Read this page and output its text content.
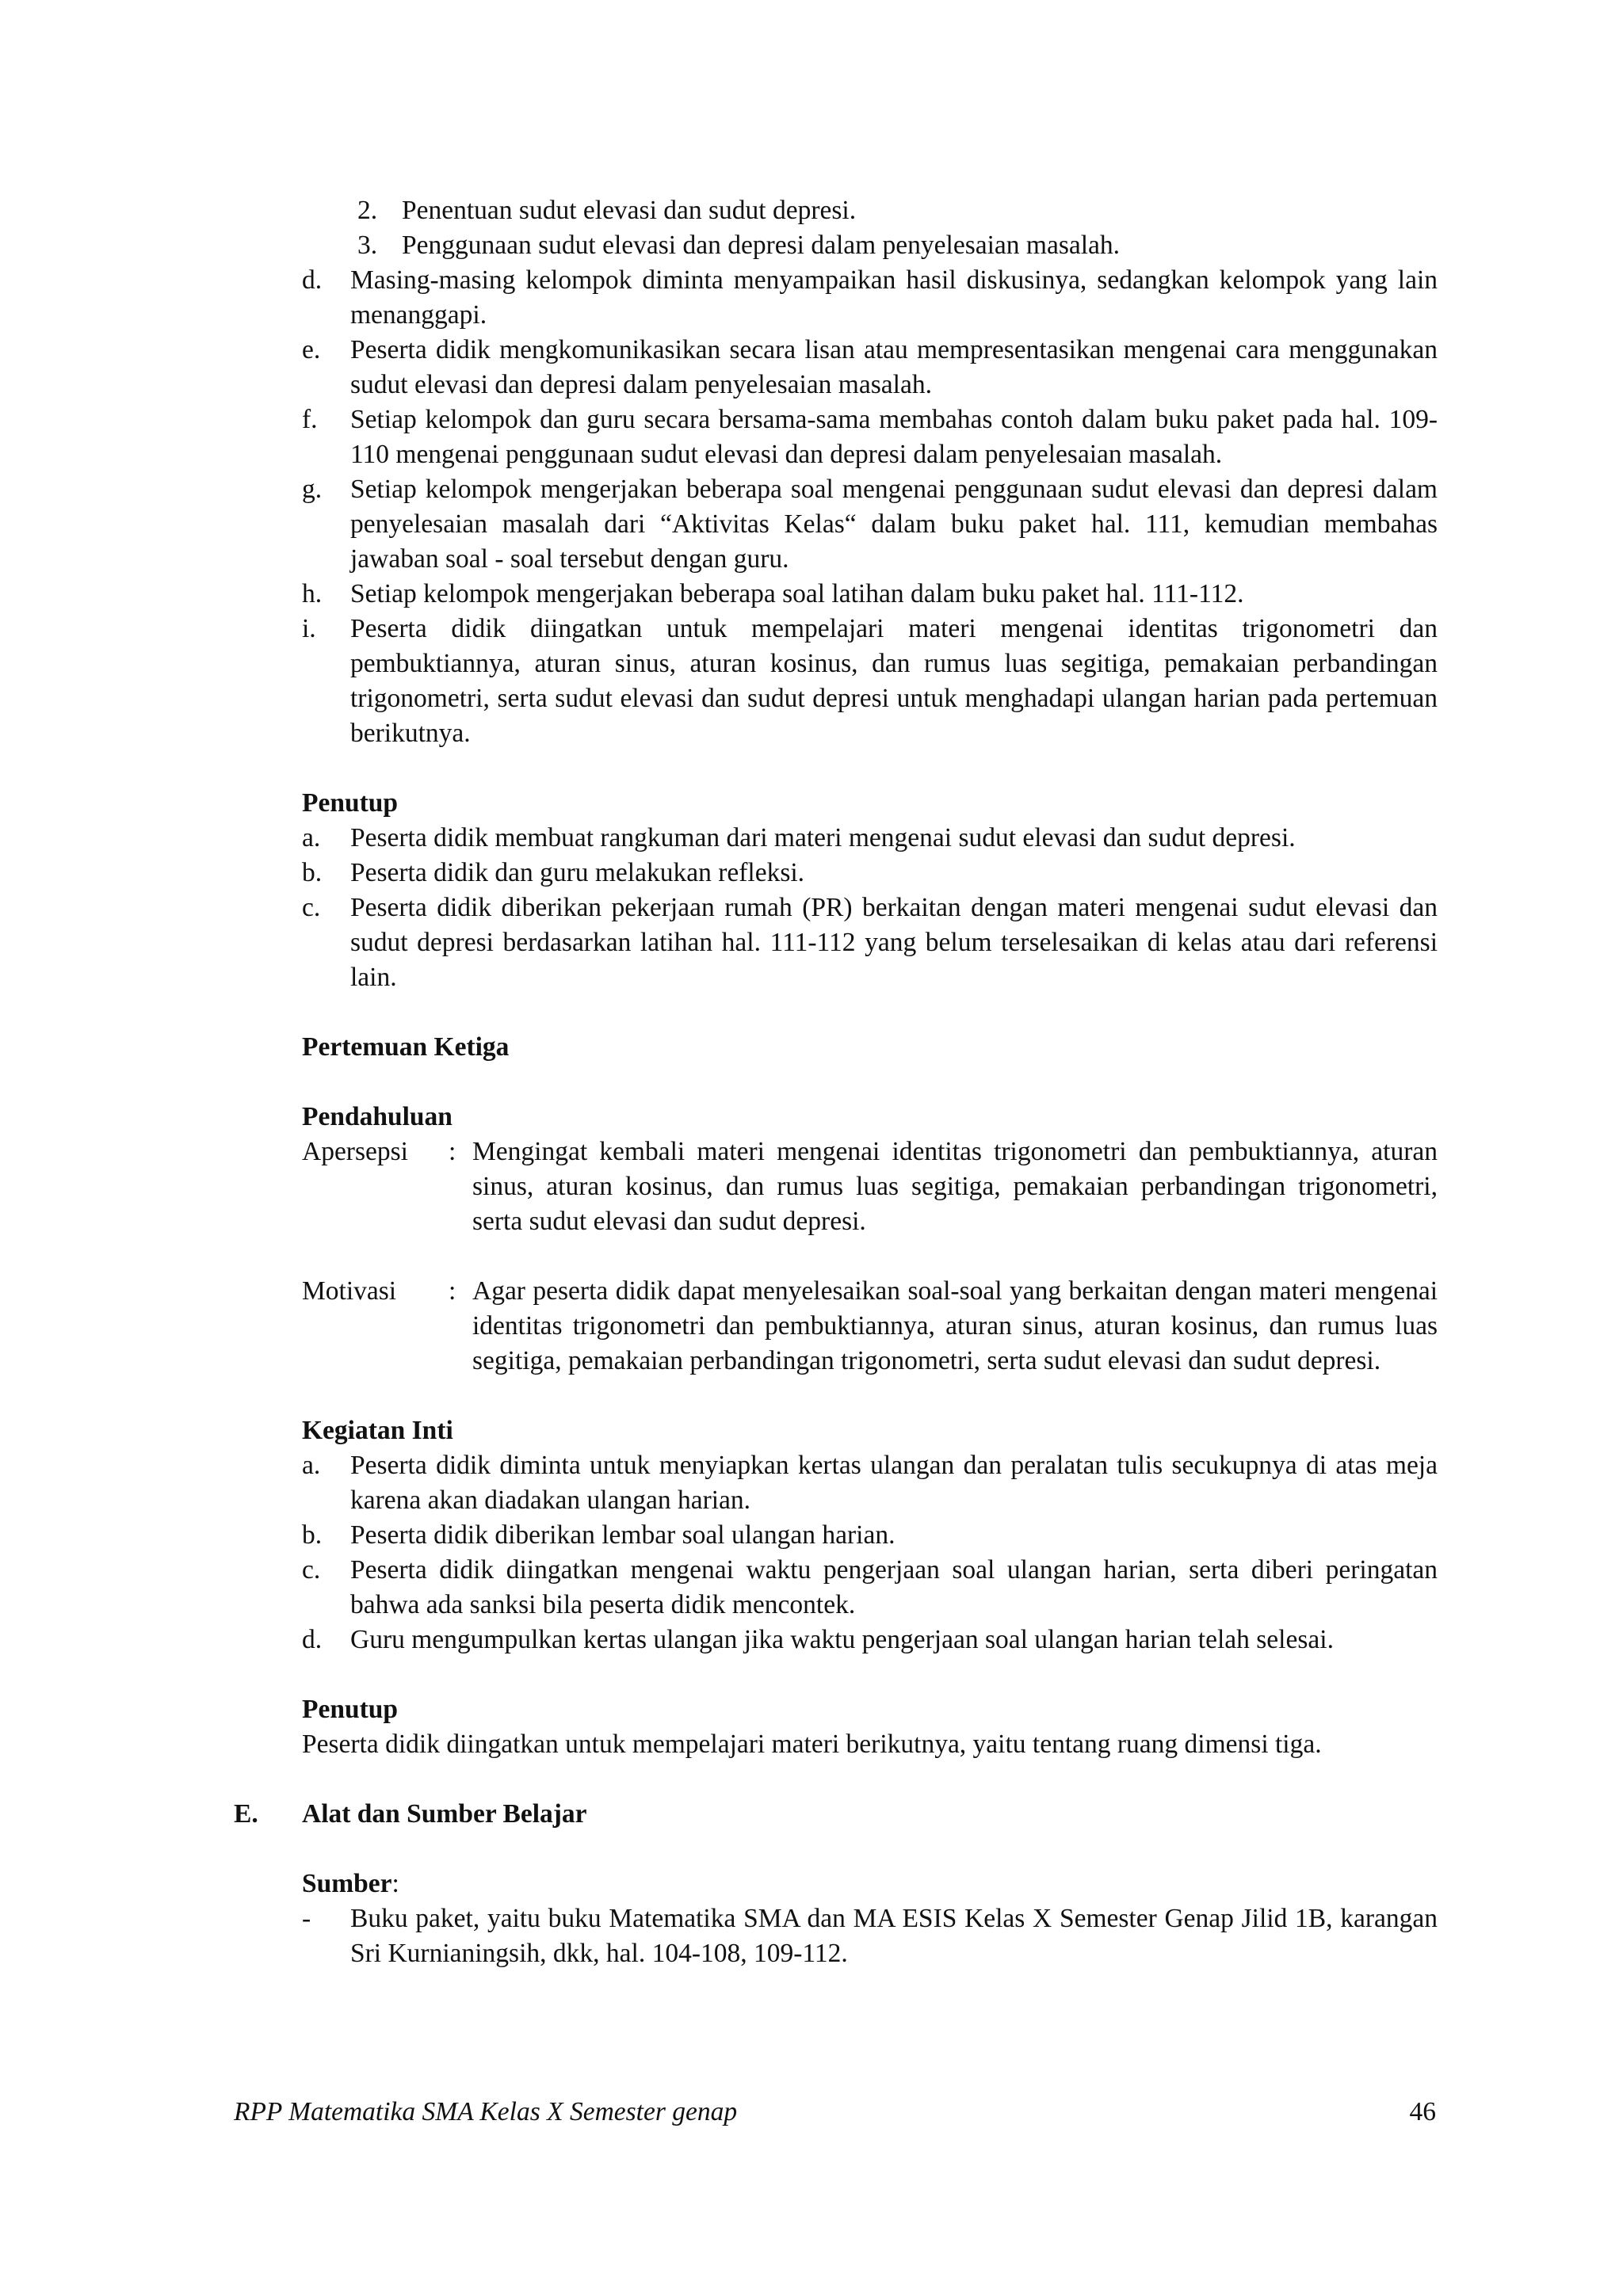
2. Penentuan sudut elevasi dan sudut depresi.
3. Penggunaan sudut elevasi dan depresi dalam penyelesaian masalah.
d.	Masing-masing kelompok diminta menyampaikan hasil diskusinya, sedangkan kelompok yang lain menanggapi.
e.	Peserta didik mengkomunikasikan secara lisan atau mempresentasikan mengenai cara menggunakan sudut elevasi dan depresi dalam penyelesaian masalah.
f.	Setiap kelompok dan guru secara bersama-sama membahas contoh dalam buku paket pada hal. 109-110 mengenai penggunaan sudut elevasi dan depresi dalam penyelesaian masalah.
g.	Setiap kelompok mengerjakan beberapa soal mengenai penggunaan sudut elevasi dan depresi dalam penyelesaian masalah dari “Aktivitas Kelas“ dalam buku paket hal. 111, kemudian membahas jawaban soal - soal tersebut dengan guru.
h.	Setiap kelompok mengerjakan beberapa soal latihan dalam buku paket hal. 111-112.
i.	Peserta didik diingatkan untuk mempelajari materi mengenai identitas trigonometri dan pembuktiannya, aturan sinus, aturan kosinus, dan rumus luas segitiga, pemakaian perbandingan trigonometri, serta sudut elevasi dan sudut depresi untuk menghadapi ulangan harian pada pertemuan berikutnya.
Penutup
a.	Peserta didik membuat rangkuman dari materi mengenai sudut elevasi dan sudut depresi.
b.	Peserta didik dan guru melakukan refleksi.
c.	Peserta didik diberikan pekerjaan rumah (PR) berkaitan dengan materi mengenai sudut elevasi dan sudut depresi berdasarkan latihan hal. 111-112 yang belum terselesaikan di kelas atau dari referensi lain.
Pertemuan Ketiga
Pendahuluan
Apersepsi	: Mengingat kembali materi mengenai identitas trigonometri dan pembuktiannya, aturan sinus, aturan kosinus, dan rumus luas segitiga, pemakaian perbandingan trigonometri, serta sudut elevasi dan sudut depresi.
Motivasi	: Agar peserta didik dapat menyelesaikan soal-soal yang berkaitan dengan materi mengenai identitas trigonometri dan pembuktiannya, aturan sinus, aturan kosinus, dan rumus luas segitiga, pemakaian perbandingan trigonometri, serta sudut elevasi dan sudut depresi.
Kegiatan Inti
a.	Peserta didik diminta untuk menyiapkan kertas ulangan dan peralatan tulis secukupnya di atas meja karena akan diadakan ulangan harian.
b.	Peserta didik diberikan lembar soal ulangan harian.
c.	Peserta didik diingatkan mengenai waktu pengerjaan soal ulangan harian, serta diberi peringatan bahwa ada sanksi bila peserta didik mencontek.
d.	Guru mengumpulkan kertas ulangan jika waktu pengerjaan soal ulangan harian telah selesai.
Penutup
Peserta didik diingatkan untuk mempelajari materi berikutnya, yaitu tentang ruang dimensi tiga.
E.	Alat dan Sumber Belajar
Sumber:
-	Buku paket, yaitu buku Matematika SMA dan MA ESIS Kelas X Semester Genap Jilid 1B, karangan Sri Kurnianingsih, dkk, hal. 104-108, 109-112.
RPP Matematika SMA Kelas X Semester genap	46
